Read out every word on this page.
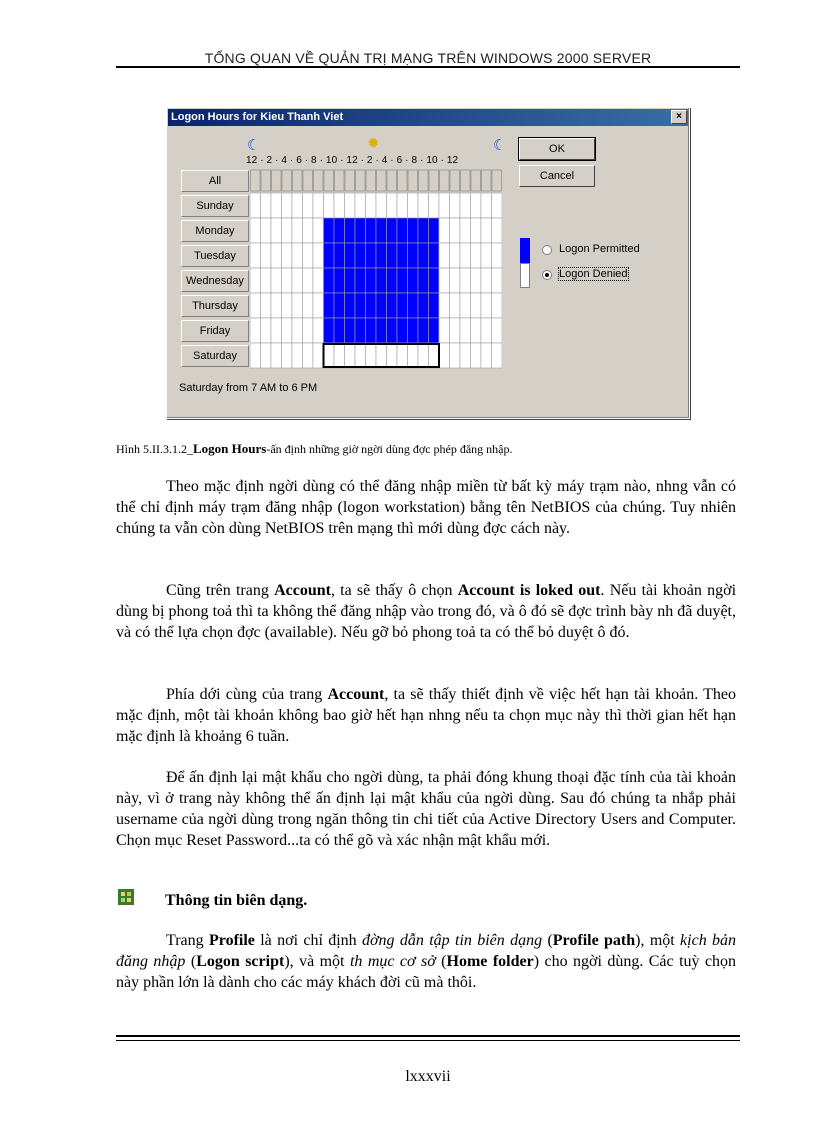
TỔNG QUAN VỀ QUẢN TRỊ MẠNG TRÊN WINDOWS 2000 SERVER
Logon Hours for Kieu Thanh Viet	×
☾	✹	☾
12 · 2 · 4 · 6 · 8 · 10 · 12 · 2 · 4 · 6 · 8 · 10 · 12
All
Sunday
Monday
Tuesday
Wednesday
Thursday
Friday
Saturday
OK
Cancel
Logon Permitted
Logon Denied
Saturday from 7 AM to 6 PM
Hình 5.II.3.1.2_Logon Hours-ấn định những giờ ngời dùng đợc phép đăng nhập.

Theo mặc định ngời dùng có thể đăng nhập miền từ bất kỳ máy trạm nào, nhng vẫn có thể chỉ định máy trạm đăng nhập (logon workstation) bằng tên NetBIOS của chúng. Tuy nhiên chúng ta vẫn còn dùng NetBIOS trên mạng thì mới dùng đợc cách này.

Cũng trên trang Account, ta sẽ thấy ô chọn Account is loked out. Nếu tài khoản ngời dùng bị phong toả thì ta không thể đăng nhập vào trong đó, và ô đó sẽ đợc trình bày nh đã duyệt, và có thể lựa chọn đợc (available). Nếu gỡ bỏ phong toả ta có thể bỏ duyệt ô đó.

Phía dới cùng của trang Account, ta sẽ thấy thiết định về việc hết hạn tài khoản. Theo mặc định, một tài khoản không bao giờ hết hạn nhng nếu ta chọn mục này thì thời gian hết hạn mặc định là khoảng 6 tuần.

Để ấn định lại mật khẩu cho ngời dùng, ta phải đóng khung thoại đặc tính của tài khoản này, vì ở trang này không thể ấn định lại mật khẩu của ngời dùng. Sau đó chúng ta nhắp phải username của ngời dùng trong ngăn thông tin chi tiết của Active Directory Users and Computer. Chọn mục Reset Password...ta có thể gõ và xác nhận mật khẩu mới.

Thông tin biên dạng.

Trang Profile là nơi chỉ định đờng dẫn tập tin biên dạng (Profile path), một kịch bản đăng nhập (Logon script), và một th mục cơ sở (Home folder) cho ngời dùng. Các tuỳ chọn này phần lớn là dành cho các máy khách đời cũ mà thôi.

lxxxvii
